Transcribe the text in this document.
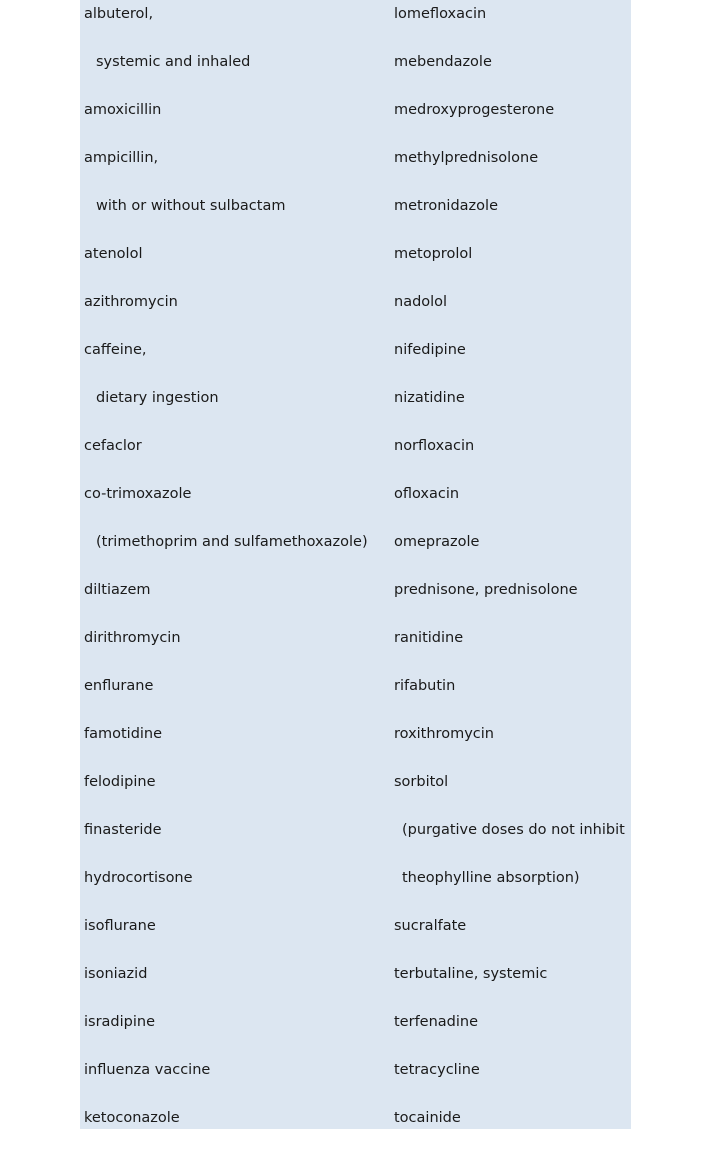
albuterol,
systemic and inhaled
amoxicillin
ampicillin,
with or without sulbactam
atenolol
azithromycin
caffeine,
dietary ingestion
cefaclor
co-trimoxazole
(trimethoprim and sulfamethoxazole)
diltiazem
dirithromycin
enflurane
famotidine
felodipine
finasteride
hydrocortisone
isoflurane
isoniazid
isradipine
influenza vaccine
ketoconazole
lomefloxacin
mebendazole
medroxyprogesterone
methylprednisolone
metronidazole
metoprolol
nadolol
nifedipine
nizatidine
norfloxacin
ofloxacin
omeprazole
prednisone, prednisolone
ranitidine
rifabutin
roxithromycin
sorbitol
(purgative doses do not inhibit
theophylline absorption)
sucralfate
terbutaline, systemic
terfenadine
tetracycline
tocainide
